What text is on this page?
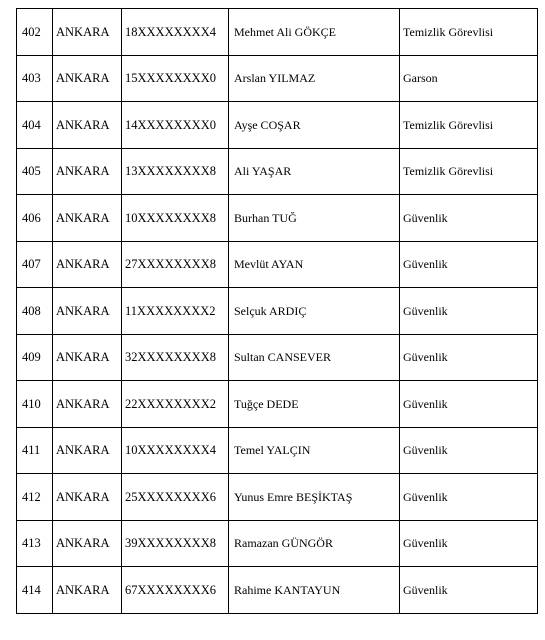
402	ANKARA	18XXXXXXXX4	Mehmet Ali GÖKÇE	Temizlik Görevlisi
403	ANKARA	15XXXXXXXX0	Arslan YILMAZ	Garson
404	ANKARA	14XXXXXXXX0	Ayşe COŞAR	Temizlik Görevlisi
405	ANKARA	13XXXXXXXX8	Ali YAŞAR	Temizlik Görevlisi
406	ANKARA	10XXXXXXXX8	Burhan TUĞ	Güvenlik
407	ANKARA	27XXXXXXXX8	Mevlüt AYAN	Güvenlik
408	ANKARA	11XXXXXXXX2	Selçuk ARDIÇ	Güvenlik
409	ANKARA	32XXXXXXXX8	Sultan CANSEVER	Güvenlik
410	ANKARA	22XXXXXXXX2	Tuğçe DEDE	Güvenlik
411	ANKARA	10XXXXXXXX4	Temel YALÇIN	Güvenlik
412	ANKARA	25XXXXXXXX6	Yunus Emre BEŞİKTAŞ	Güvenlik
413	ANKARA	39XXXXXXXX8	Ramazan GÜNGÖR	Güvenlik
414	ANKARA	67XXXXXXXX6	Rahime KANTAYUN	Güvenlik
